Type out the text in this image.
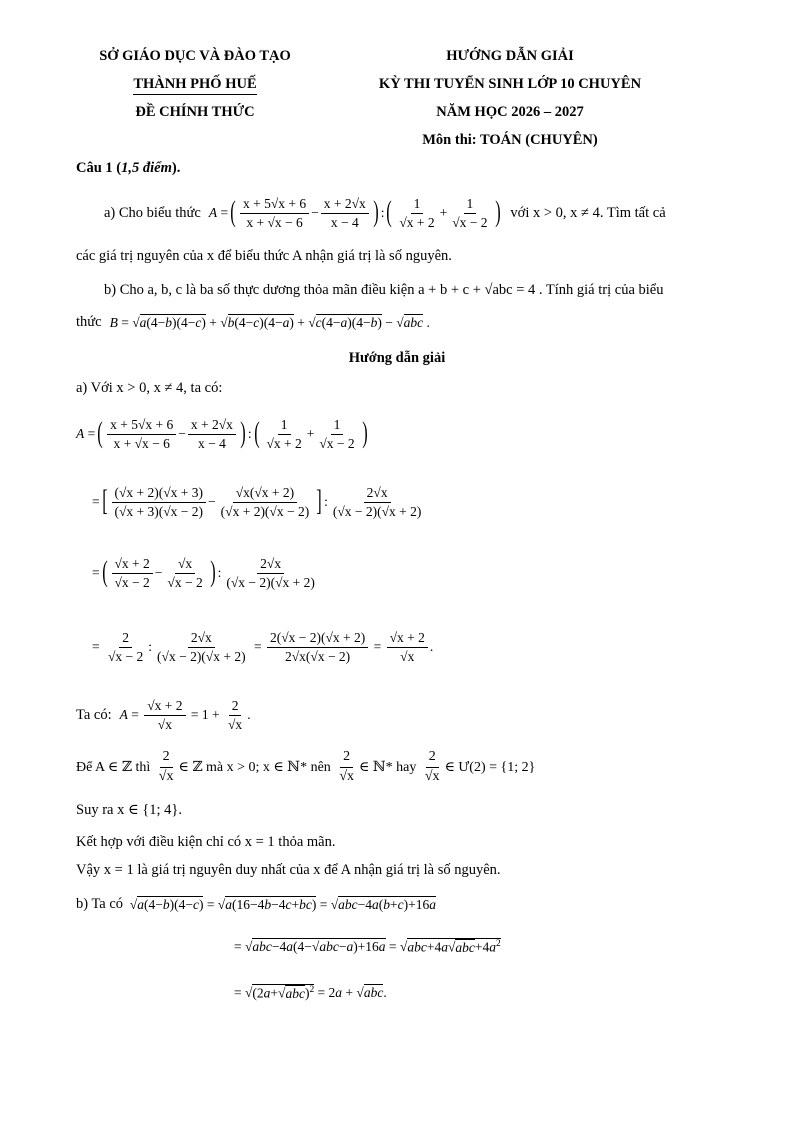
SỞ GIÁO DỤC VÀ ĐÀO TẠO
THÀNH PHỐ HUẾ
ĐỀ CHÍNH THỨC
HƯỚNG DẪN GIẢI
KỲ THI TUYỂN SINH LỚP 10 CHUYÊN
NĂM HỌC 2026 – 2027
Môn thi: TOÁN (CHUYÊN)
Câu 1 (1,5 điểm).
a) Cho biểu thức A = ( $\frac{x + 5√x + 6}{x + √x - 6} - \frac{x + 2√x}{x - 4}$ ) : ( $\frac{1}{√x + 2} + \frac{1}{√x - 2}$ ) với x > 0, x ≠ 4. Tìm tất cả
các giá trị nguyên của x để biểu thức A nhận giá trị là số nguyên.
b) Cho a, b, c là ba số thực dương thỏa mãn điều kiện a + b + c + √abc = 4 . Tính giá trị của biểu
thức B = √ a(4−b)(4−c) + √ b(4−c)(4−a) + √ c(4−a)(4−b) − √ abc .
Hướng dẫn giải
a) Với x > 0, x ≠ 4, ta có:
A = ( $\frac{x + 5√x + 6}{x + √x - 6} - \frac{x + 2√x}{x - 4}$ ) : ( $\frac{1}{√x + 2} + \frac{1}{√x - 2}$ )
= [ $\frac{(√x + 2)(√x + 3)}{(√x + 3)(√x - 2)} - \frac{√x(√x + 2)}{(√x + 2)(√x - 2)}$ ] : $\frac{2√x}{(√x - 2)(√x + 2)}$
= ( $\frac{√x + 2}{√x - 2} - \frac{√x}{√x - 2}$ ) : $\frac{2√x}{(√x - 2)(√x + 2)}$
= $\frac{2}{√x - 2}$ : $\frac{2√x}{(√x - 2)(√x + 2)} = \frac{2(√x - 2)(√x + 2)}{2√x(√x - 2)} = \frac{√x + 2}{√x}$ .
Ta có: $A = \frac{√x + 2}{√x} = 1 + \frac{2}{√x}$ .
Để A ∈ ℤ thì
$\frac{2}{√x}$ ∈ ℤ mà x > 0; x ∈ ℕ* nên
$\frac{2}{√x}$ ∈ ℕ* hay
$\frac{2}{√x}$ ∈ Ư(2) = {1; 2}
Suy ra x ∈ {1; 4}.
Kết hợp với điều kiện chỉ có x = 1 thỏa mãn.
Vậy x = 1 là giá trị nguyên duy nhất của x để A nhận giá trị là số nguyên.
b) Ta có √ a(4−b)(4−c) = √ a(16−4b−4c+bc) = √ abc−4a(b+c)+16a
= √ abc−4a(4−√abc−a)+16a = √ $abc+4a√abc+4a^2$
= √ $(2a+√abc)^2 = 2$ a + √ abc .
